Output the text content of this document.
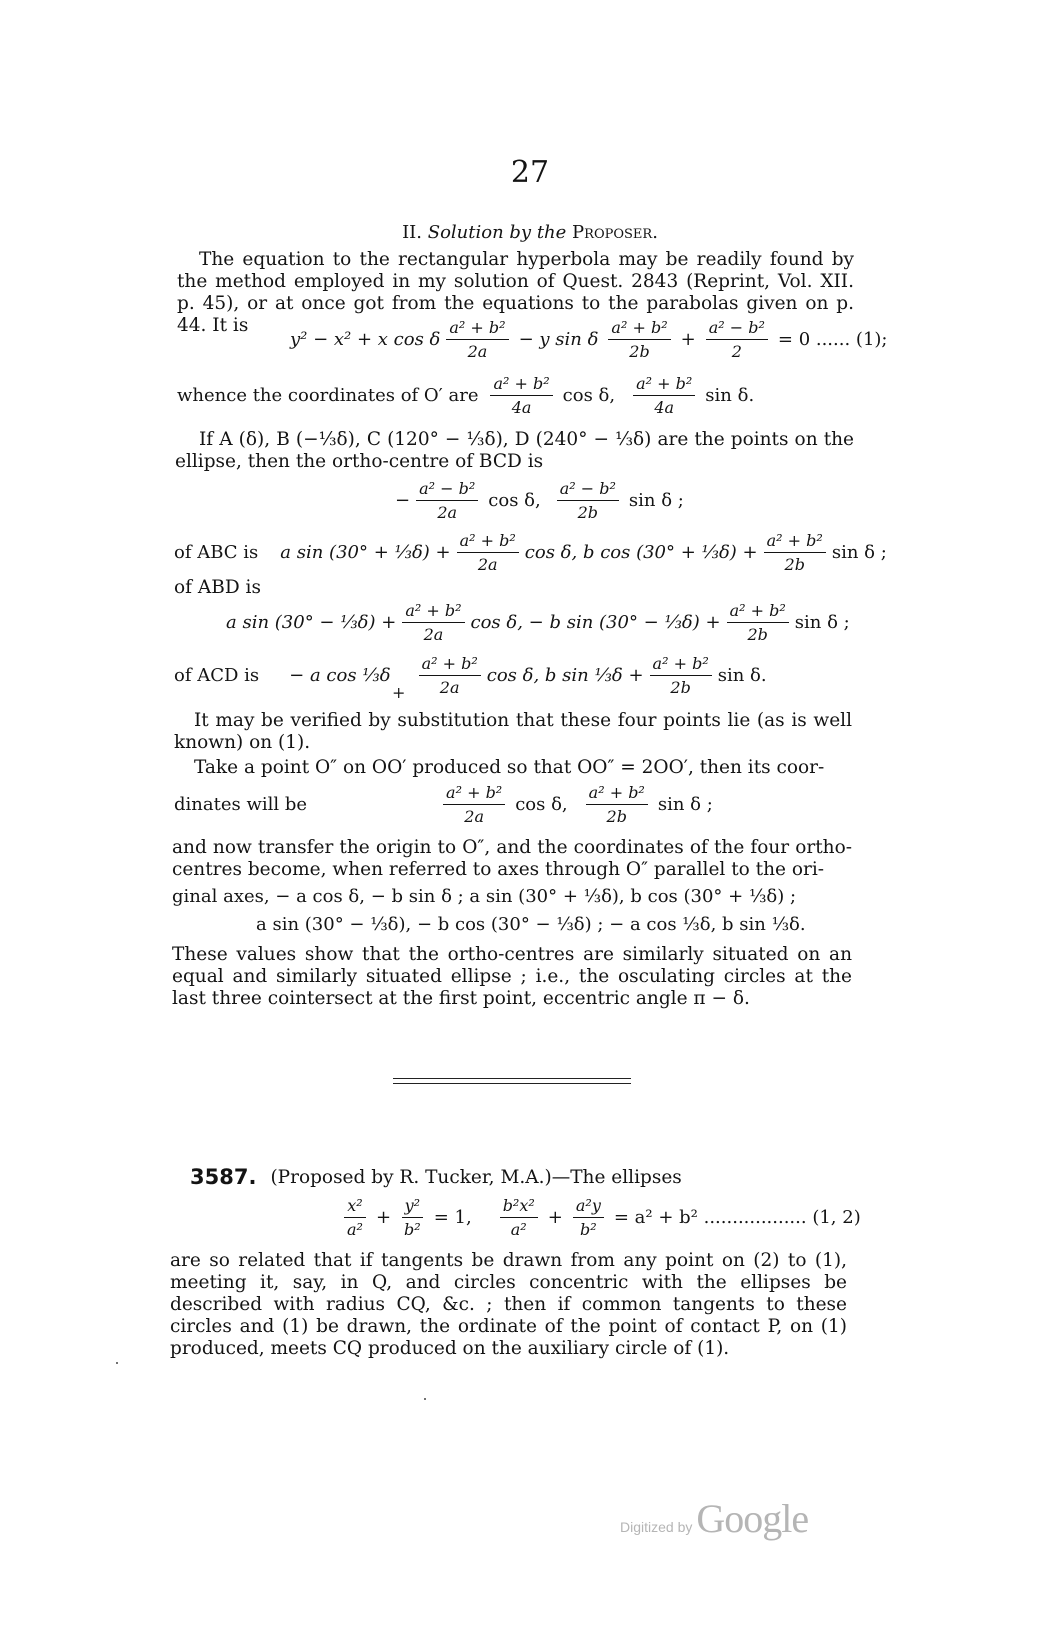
27
II. Solution by the Proposer.

The equation to the rectangular hyperbola may be readily found by the method employed in my solution of Quest. 2843 (Reprint, Vol. XII. p. 45), or at once got from the equations to the parabolas given on p. 44. It is

y² − x² + x cos δ $\frac{\text{a² + b²}}{2a} - y$ sin δ $\frac{\text{a² + b²}}{2b} + \frac{\text{a² − b²}}{2} = 0$ ...... (1);
whence the coordinates of O′ are $\frac{\text{a² + b²}}{4a}$ cos δ, $\frac{\text{a² + b²}}{4a}$ sin δ.

If A (δ), B (−⅓δ), C (120° − ⅓δ), D (240° − ⅓δ) are the points on the ellipse, then the ortho-centre of BCD is

− $\frac{\text{a² − b²}}{2a}$ cos δ, $\frac{\text{a² − b²}}{2b}$ sin δ ;
of ABC is a sin (30° + ⅓δ) + $\frac{\text{a² + b²}}{2a}$ cos δ, b cos (30° + ⅓δ) + $\frac{\text{a² + b²}}{2b}$ sin δ ;
of ABD is
a sin (30° − ⅓δ) + $\frac{\text{a² + b²}}{2a}$ cos δ, − b sin (30° − ⅓δ) + $\frac{\text{a² + b²}}{2b}$ sin δ ;
of ACD is − a cos ⅓δ $\frac{\text{a² + b²}}{2a}$ cos δ, b sin ⅓δ + $\frac{\text{a² + b²}}{2b}$ sin δ.
+

It may be verified by substitution that these four points lie (as is well known) on (1).

Take a point O″ on OO′ produced so that OO″ = 2OO′, then its coor-

dinates will be	$\frac{\text{a² + b²}}{2a}$ cos δ, $\frac{\text{a² + b²}}{2b}$ sin δ ;

and now transfer the origin to O″, and the coordinates of the four ortho-centres become, when referred to axes through O″ parallel to the ori-

ginal axes, − a cos δ, − b sin δ ; a sin (30° + ⅓δ), b cos (30° + ⅓δ) ;
a sin (30° − ⅓δ), − b cos (30° − ⅓δ) ; − a cos ⅓δ, b sin ⅓δ.

These values show that the ortho-centres are similarly situated on an equal and similarly situated ellipse ; i.e., the osculating circles at the last three cointersect at the first point, eccentric angle π − δ.

3587. (Proposed by R. Tucker, M.A.)—The ellipses
$\frac{\text{x²}}{\text{a²}} + \frac{\text{y²}}{\text{b²}} = 1$, $\frac{\text{b²x²}}{\text{a²}} + \frac{\text{a²y}}{\text{b²}} = a^2 + b^2$ .................. (1, 2)

are so related that if tangents be drawn from any point on (2) to (1), meeting it, say, in Q, and circles concentric with the ellipses be described with radius CQ, &c. ; then if common tangents to these circles and (1) be drawn, the ordinate of the point of contact P, on (1) produced, meets CQ produced on the auxiliary circle of (1).

Digitized by Google
